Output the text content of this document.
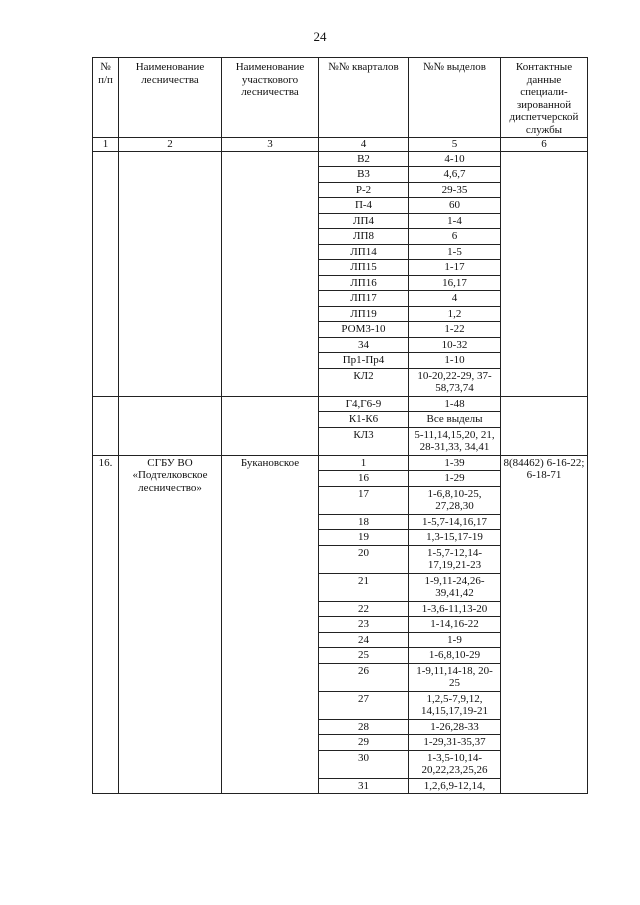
24
№ п/п	Наименование лесничества	Наименование участкового лесничества	№№ кварталов	№№ выделов	Контактные данные специали-зированной диспетчерской службы
1	2	3	4	5	6
			В2	4-10	
			В3	4,6,7	
			Р-2	29-35	
			П-4	60	
			ЛП4	1-4	
			ЛП8	6	
			ЛП14	1-5	
			ЛП15	1-17	
			ЛП16	16,17	
			ЛП17	4	
			ЛП19	1,2	
			РОМ3-10	1-22	
			34	10-32	
			Пр1-Пр4	1-10	
			КЛ2	10-20,22-29, 37-58,73,74	
			Г4,Г6-9	1-48	
			К1-К6	Все выделы	
			КЛ3	5-11,14,15,20, 21, 28-31,33, 34,41	
16.	СГБУ ВО «Подтелковское лесничество»	Букановское	1	1-39	8(84462) 6-16-22; 6-18-71
			16	1-29	
			17	1-6,8,10-25, 27,28,30	
			18	1-5,7-14,16,17	
			19	1,3-15,17-19	
			20	1-5,7-12,14-17,19,21-23	
			21	1-9,11-24,26-39,41,42	
			22	1-3,6-11,13-20	
			23	1-14,16-22	
			24	1-9	
			25	1-6,8,10-29	
			26	1-9,11,14-18, 20-25	
			27	1,2,5-7,9,12, 14,15,17,19-21	
			28	1-26,28-33	
			29	1-29,31-35,37	
			30	1-3,5-10,14-20,22,23,25,26	
			31	1,2,6,9-12,14,	
